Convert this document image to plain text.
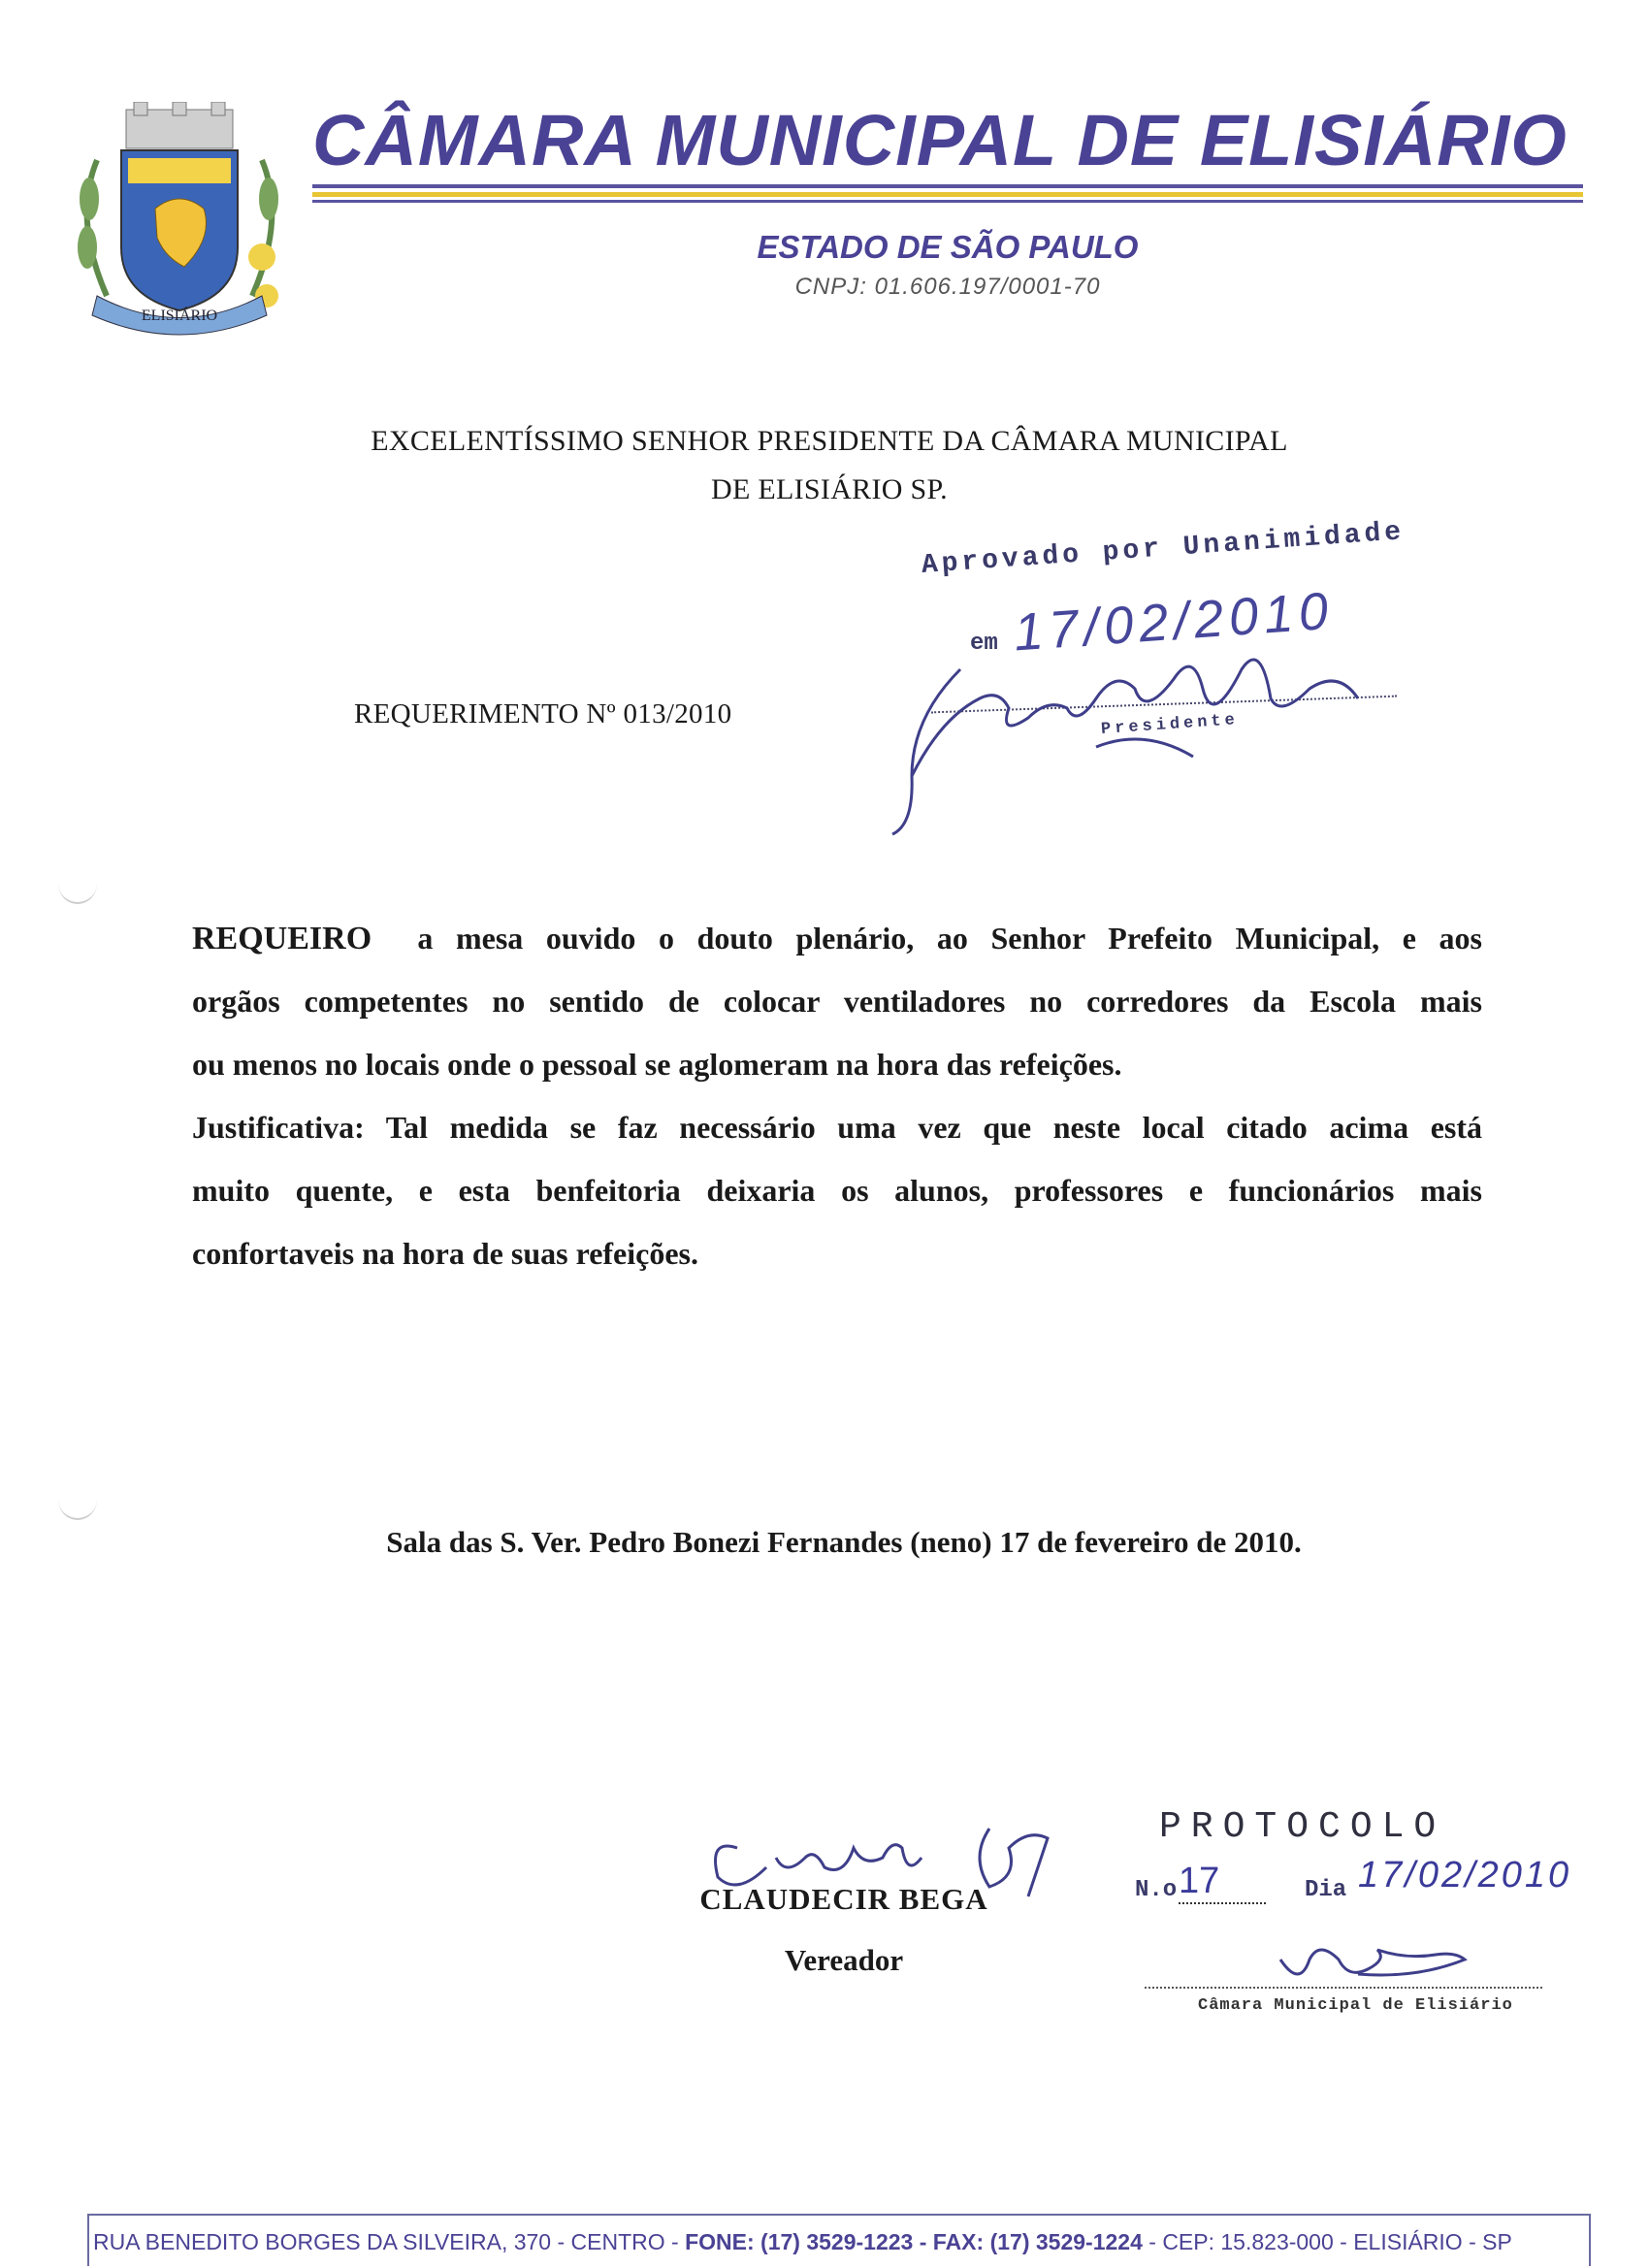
ELISIÁRIO
CÂMARA MUNICIPAL DE ELISIÁRIO
ESTADO DE SÃO PAULO
CNPJ: 01.606.197/0001-70
EXCELENTÍSSIMO SENHOR PRESIDENTE DA CÂMARA MUNICIPAL
DE ELISIÁRIO SP.
Aprovado por Unanimidade
em 17/02/2010
Presidente
REQUERIMENTO Nº 013/2010
REQUEIRO a mesa ouvido o douto plenário, ao Senhor Prefeito Municipal, e aos
orgãos competentes no sentido de colocar ventiladores no corredores da Escola mais
ou menos no locais onde o pessoal se aglomeram na hora das refeições.
Justificativa: Tal medida se faz necessário uma vez que neste local citado acima está
muito quente, e esta benfeitoria deixaria os alunos, professores e funcionários mais
confortaveis na hora de suas refeições.
Sala das S. Ver. Pedro Bonezi Fernandes (neno) 17 de fevereiro de 2010.
CLAUDECIR BEGA
Vereador
PROTOCOLO
N.o 17	Dia 17/02/2010
Câmara Municipal de Elisiário
RUA BENEDITO BORGES DA SILVEIRA, 370 - CENTRO - FONE: (17) 3529-1223 - FAX: (17) 3529-1224 - CEP: 15.823-000 - ELISIÁRIO - SP
